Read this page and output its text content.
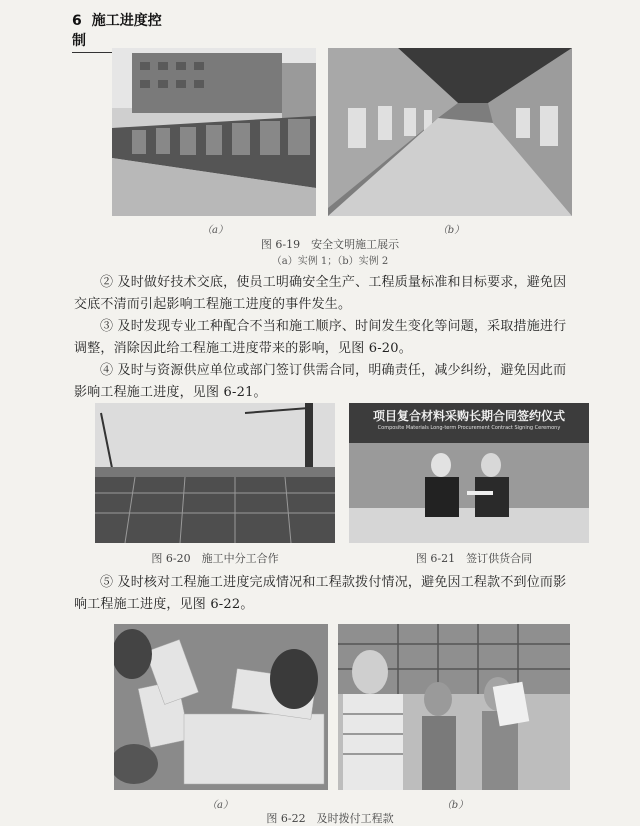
6 施工进度控制
（a）	（b）
图 6-19　安全文明施工展示
（a）实例 1；（b）实例 2

② 及时做好技术交底，使员工明确安全生产、工程质量标准和目标要求，避免因交底不清而引起影响工程施工进度的事件发生。

③ 及时发现专业工种配合不当和施工顺序、时间发生变化等问题，采取措施进行调整，消除因此给工程施工进度带来的影响，见图 6-20。

④ 及时与资源供应单位或部门签订供需合同，明确责任，减少纠纷，避免因此而影响工程施工进度，见图 6-21。

图 6-20　施工中分工合作
项目复合材料采购长期合同签约仪式
Composite Materials Long-term Procurement Contract Signing Ceremony
图 6-21　签订供货合同

⑤ 及时核对工程施工进度完成情况和工程款拨付情况，避免因工程款不到位而影响工程施工进度，见图 6-22。

（a）	（b）
图 6-22　及时拨付工程款
